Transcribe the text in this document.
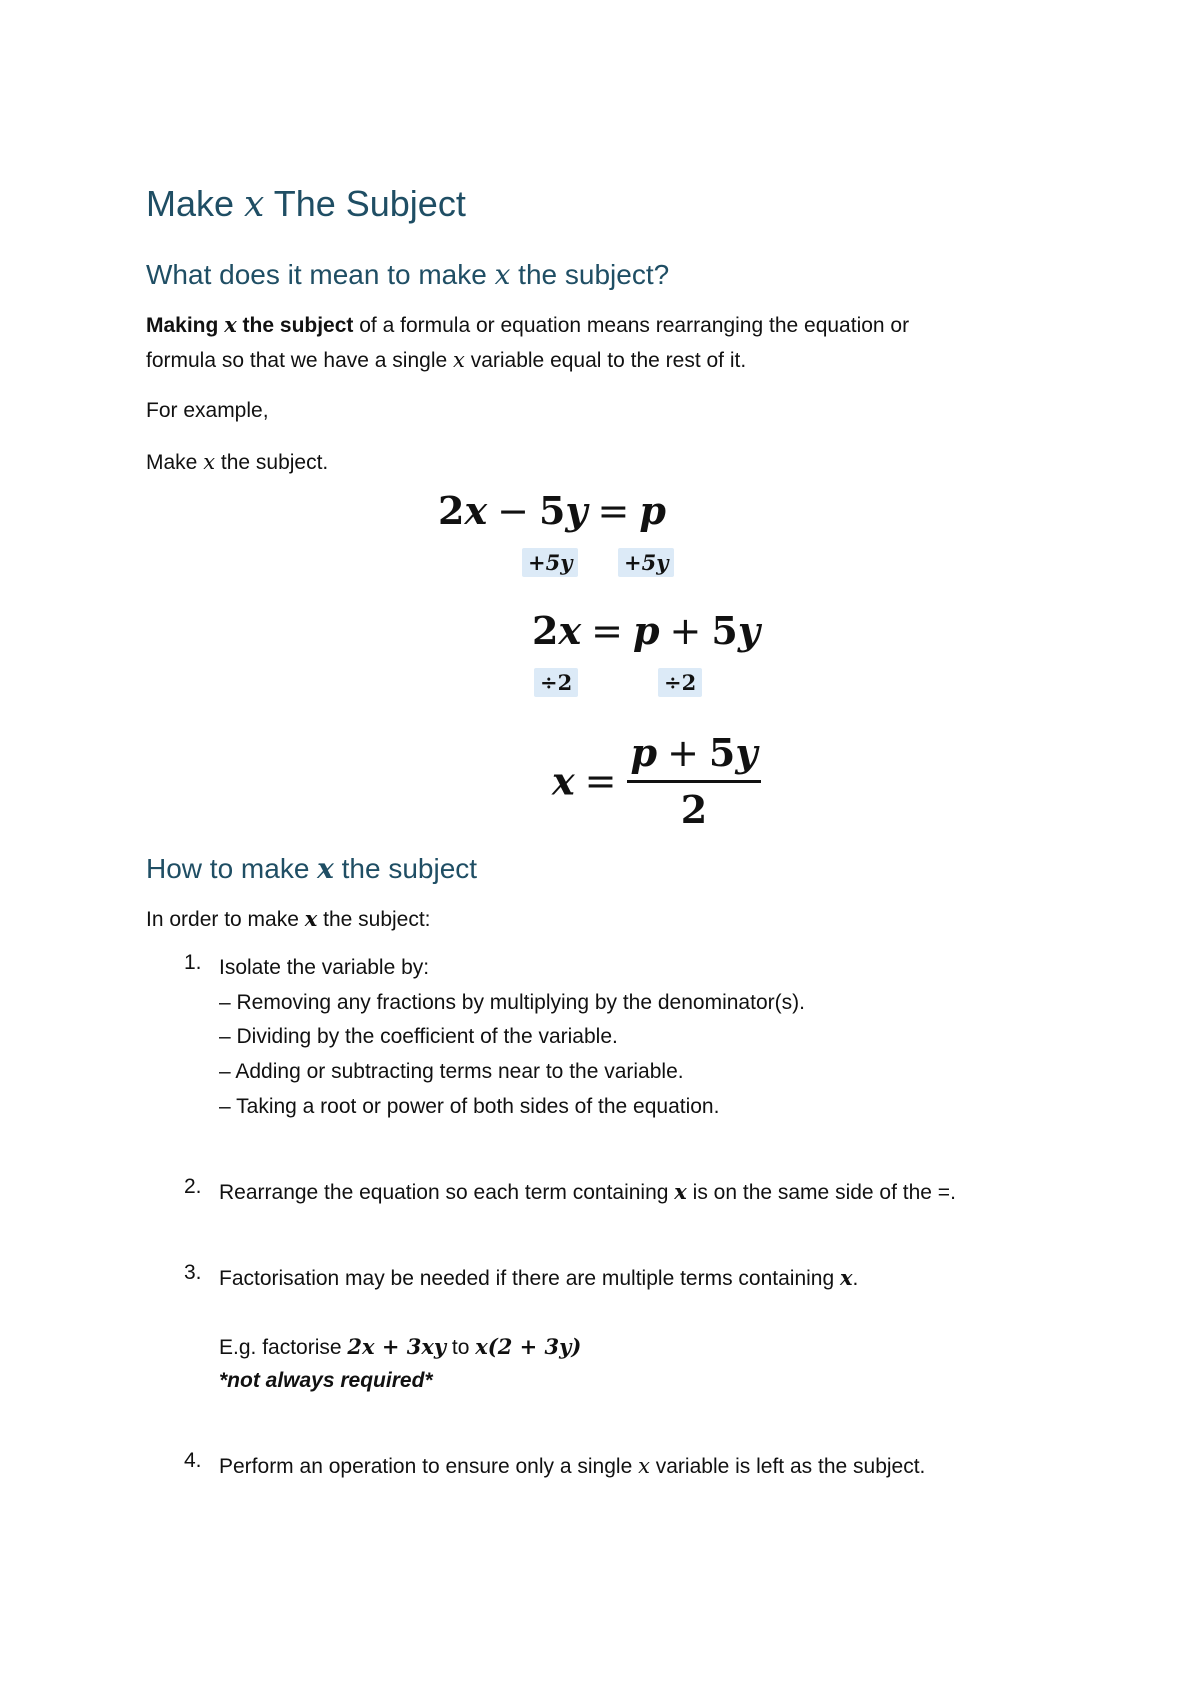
Make x The Subject
What does it mean to make x the subject?
Making x the subject of a formula or equation means rearranging the equation or
formula so that we have a single x variable equal to the rest of it.
For example,
Make x the subject.
2x − 5y = p
+5y +5y
2x = p + 5y
÷2	÷2
$x = \frac{p + 5y}{2}$
How to make x the subject
In order to make x the subject:
1. Isolate the variable by:
– Removing any fractions by multiplying by the denominator(s).
– Dividing by the coefficient of the variable.
– Adding or subtracting terms near to the variable.
– Taking a root or power of both sides of the equation.
2. Rearrange the equation so each term containing x is on the same side of the =.
3. Factorisation may be needed if there are multiple terms containing x.
E.g. factorise 2x + 3xy to x(2 + 3y)
*not always required*
4. Perform an operation to ensure only a single x variable is left as the subject.
